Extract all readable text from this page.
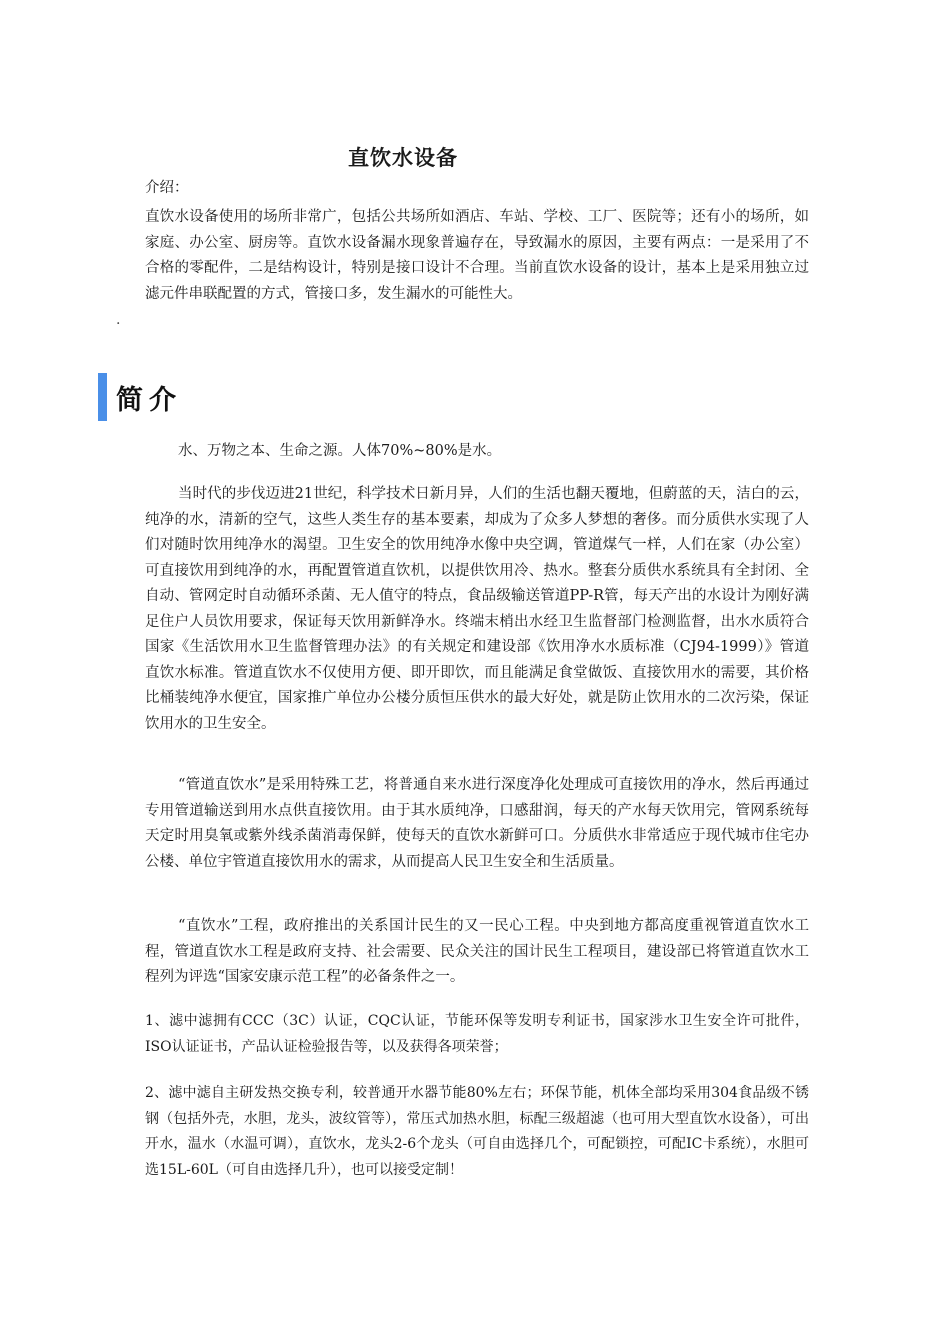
直饮水设备
介绍：

直饮水设备使用的场所非常广，包括公共场所如酒店、车站、学校、工厂、医院等；还有小的场所，如家庭、办公室、厨房等。直饮水设备漏水现象普遍存在，导致漏水的原因，主要有两点：一是采用了不合格的零配件，二是结构设计，特别是接口设计不合理。当前直饮水设备的设计，基本上是采用独立过滤元件串联配置的方式，管接口多，发生漏水的可能性大。

.
简介

水、万物之本、生命之源。人体70%~80%是水。

当时代的步伐迈进21世纪，科学技术日新月异，人们的生活也翻天覆地，但蔚蓝的天，洁白的云，纯净的水，清新的空气，这些人类生存的基本要素，却成为了众多人梦想的奢侈。而分质供水实现了人们对随时饮用纯净水的渴望。卫生安全的饮用纯净水像中央空调，管道煤气一样，人们在家（办公室）可直接饮用到纯净的水，再配置管道直饮机，以提供饮用冷、热水。整套分质供水系统具有全封闭、全自动、管网定时自动循环杀菌、无人值守的特点，食品级输送管道PP-R管，每天产出的水设计为刚好满足住户人员饮用要求，保证每天饮用新鲜净水。终端末梢出水经卫生监督部门检测监督，出水水质符合国家《生活饮用水卫生监督管理办法》的有关规定和建设部《饮用净水水质标准（CJ94-1999）》管道直饮水标准。管道直饮水不仅使用方便、即开即饮，而且能满足食堂做饭、直接饮用水的需要，其价格比桶装纯净水便宜，国家推广单位办公楼分质恒压供水的最大好处，就是防止饮用水的二次污染，保证饮用水的卫生安全。

“管道直饮水”是采用特殊工艺，将普通自来水进行深度净化处理成可直接饮用的净水，然后再通过专用管道输送到用水点供直接饮用。由于其水质纯净，口感甜润，每天的产水每天饮用完，管网系统每天定时用臭氧或紫外线杀菌消毒保鲜，使每天的直饮水新鲜可口。分质供水非常适应于现代城市住宅办公楼、单位宇管道直接饮用水的需求，从而提高人民卫生安全和生活质量。

“直饮水”工程，政府推出的关系国计民生的又一民心工程。中央到地方都高度重视管道直饮水工程，管道直饮水工程是政府支持、社会需要、民众关注的国计民生工程项目，建设部已将管道直饮水工程列为评选“国家安康示范工程”的必备条件之一。

1、滤中滤拥有CCC（3C）认证，CQC认证，节能环保等发明专利证书，国家涉水卫生安全许可批件，ISO认证证书，产品认证检验报告等，以及获得各项荣誉；

2、滤中滤自主研发热交换专利，较普通开水器节能80%左右；环保节能，机体全部均采用304食品级不锈钢（包括外壳，水胆，龙头，波纹管等），常压式加热水胆，标配三级超滤（也可用大型直饮水设备），可出开水，温水（水温可调），直饮水，龙头2-6个龙头（可自由选择几个，可配锁控，可配IC卡系统），水胆可选15L-60L（可自由选择几升），也可以接受定制！
